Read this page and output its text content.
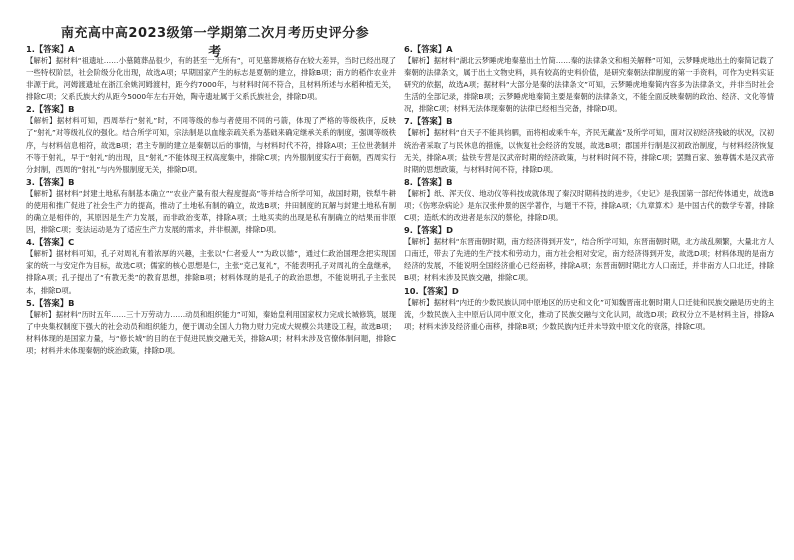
南充高中高2023级第一学期第二次月考历史评分参考

1.【答案】A

【解析】据材料“祖遗址……小墓随葬品很少，有的甚至一无所有”，可见墓葬规格存在较大差异，当时已经出现了一些特权阶层，社会阶级分化出现，故选A项；早期国家产生的标志是夏朝的建立，排除B项；南方的稻作农业并非源于此，河姆渡遗址在浙江余姚河姆渡村，距今约7000年，与材料时间不符合，且材料所述与水稻种植无关，排除C项；父系氏族大约从距今5000年左右开始，陶寺遗址属于父系氏族社会，排除D项。

2.【答案】B

【解析】据材料可知，西周举行“射礼”时，不同等级的参与者使用不同的弓箭，体现了严格的等级秩序，反映了“射礼”对等级礼仪的强化。结合所学可知，宗法制是以血缘亲疏关系为基础来确定继承关系的制度，强调等级秩序，与材料信息相符，故选B项；君主专制的建立是秦朝以后的事情，与材料时代不符，排除A项；王位世袭制并不等于射礼，早于“射礼”的出现，且“射礼”不能体现王权高度集中，排除C项；内外服制度实行于商朝，西周实行分封制，西周的“射礼”与内外服制度无关，排除D项。

3.【答案】B

【解析】据材料“封建土地私有制基本确立”“农业产量有很大程度提高”等并结合所学可知，战国时期，铁犁牛耕的使用和推广促进了社会生产力的提高，推动了土地私有制的确立，故选B项；井田制度的瓦解与封建土地私有制的确立是相伴的，其原因是生产力发展，而非政治变革，排除A项；土地买卖的出现是私有制确立的结果而非原因，排除C项；变法运动是为了适应生产力发展的需求，并非根源，排除D项。

4.【答案】C

【解析】据材料可知，孔子对周礼有着浓厚的兴趣，主张以“仁者爱人”“为政以德”，通过仁政治国理念把实现国家的统一与安定作为目标，故选C项；儒家的核心思想是仁，主张“克己复礼”，不能表明孔子对周礼的全盘继承，排除A项；孔子提出了“有教无类”的教育思想，排除B项；材料体现的是孔子的政治思想，不能说明孔子主张民本，排除D项。

5.【答案】B

【解析】据材料“历时五年……三十万劳动力……动员和组织能力”可知，秦始皇利用国家权力完成长城修筑，展现了中央集权制度下强大的社会动员和组织能力，便于调动全国人力物力财力完成大规模公共建设工程，故选B项；材料体现的是国家力量，与“修长城”的目的在于促进民族交融无关，排除A项；材料未涉及官僚体制问题，排除C项；材料并未体现秦朝的统治政策，排除D项。

6.【答案】A

【解析】据材料“湖北云梦睡虎地秦墓出土竹简……秦的法律条文和相关解释”可知，云梦睡虎地出土的秦简记载了秦朝的法律条文，属于出土文物史料，具有较高的史料价值，是研究秦朝法律制度的第一手资料，可作为史料实证研究的依据，故选A项；据材料“大部分是秦的法律条文”可知，云梦睡虎地秦简内容多为法律条文，并非当时社会生活的全部记录，排除B项；云梦睡虎地秦简主要是秦朝的法律条文，不能全面反映秦朝的政治、经济、文化等情况，排除C项；材料无法体现秦朝的法律已经相当完备，排除D项。

7.【答案】B

【解析】据材料“自天子不能具钧驷，而将相或乘牛车，齐民无藏盖”及所学可知，面对汉初经济残破的状况，汉初统治者采取了与民休息的措施，以恢复社会经济的发展，故选B项；郡国并行制是汉初政治制度，与材料经济恢复无关，排除A项；盐铁专营是汉武帝时期的经济政策，与材料时间不符，排除C项；罢黜百家、独尊儒术是汉武帝时期的思想政策，与材料时间不符，排除D项。

8.【答案】B

【解析】纸、浑天仪、地动仪等科技成就体现了秦汉时期科技的进步，《史记》是我国第一部纪传体通史，故选B项；《伤寒杂病论》是东汉张仲景的医学著作，与题干不符，排除A项；《九章算术》是中国古代的数学专著，排除C项；造纸术的改进者是东汉的蔡伦，排除D项。

9.【答案】D

【解析】据材料“东晋南朝时期，南方经济得到开发”，结合所学可知，东晋南朝时期，北方战乱频繁，大量北方人口南迁，带去了先进的生产技术和劳动力，南方社会相对安定，南方经济得到开发，故选D项；材料体现的是南方经济的发展，不能说明全国经济重心已经南移，排除A项；东晋南朝时期北方人口南迁，并非南方人口北迁，排除B项；材料未涉及民族交融，排除C项。

10.【答案】D

【解析】据材料“内迁的少数民族认同中原地区的历史和文化”可知魏晋南北朝时期人口迁徙和民族交融是历史的主流，少数民族入主中原后认同中原文化，推动了民族交融与文化认同，故选D项；政权分立不是材料主旨，排除A项；材料未涉及经济重心南移，排除B项；少数民族内迁并未导致中原文化的衰落，排除C项。
